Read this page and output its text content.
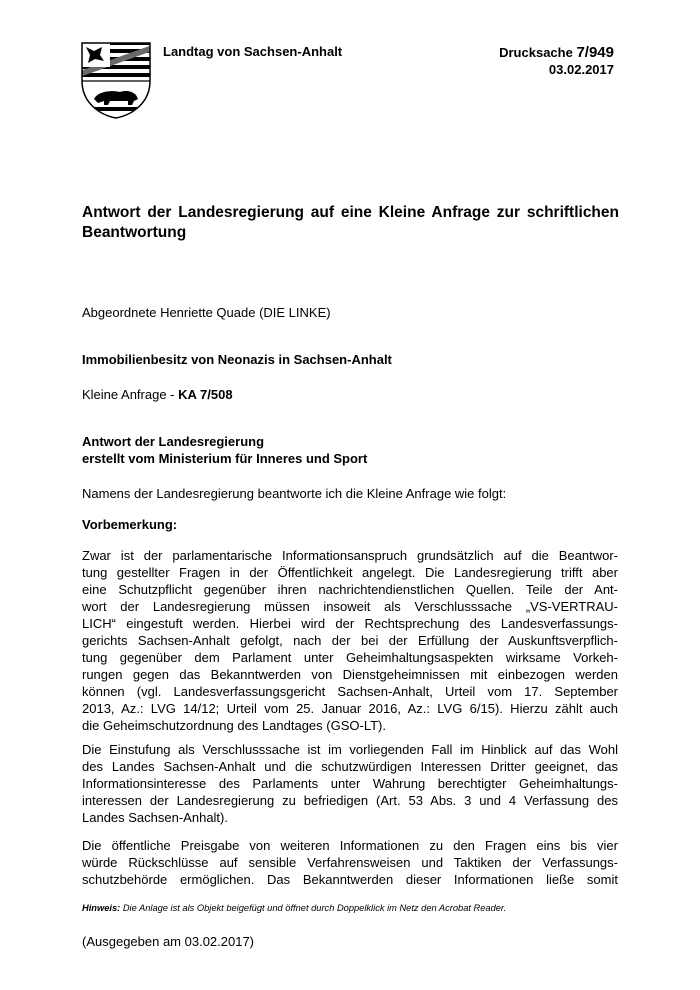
Landtag von Sachsen-Anhalt	Drucksache 7/949
03.02.2017
Antwort der Landesregierung auf eine Kleine Anfrage zur schriftlichen Beantwortung
Abgeordnete Henriette Quade (DIE LINKE)
Immobilienbesitz von Neonazis in Sachsen-Anhalt
Kleine Anfrage - KA 7/508
Antwort der Landesregierung
erstellt vom Ministerium für Inneres und Sport
Namens der Landesregierung beantworte ich die Kleine Anfrage wie folgt:
Vorbemerkung:
Zwar ist der parlamentarische Informationsanspruch grundsätzlich auf die Beantwor-
tung gestellter Fragen in der Öffentlichkeit angelegt. Die Landesregierung trifft aber
eine Schutzpflicht gegenüber ihren nachrichtendienstlichen Quellen. Teile der Ant-
wort der Landesregierung müssen insoweit als Verschlusssache „VS-VERTRAU-
LICH“ eingestuft werden. Hierbei wird der Rechtsprechung des Landesverfassungs-
gerichts Sachsen-Anhalt gefolgt, nach der bei der Erfüllung der Auskunftsverpflich-
tung gegenüber dem Parlament unter Geheimhaltungsaspekten wirksame Vorkeh-
rungen gegen das Bekanntwerden von Dienstgeheimnissen mit einbezogen werden
können (vgl. Landesverfassungsgericht Sachsen-Anhalt, Urteil vom 17. September
2013, Az.: LVG 14/12; Urteil vom 25. Januar 2016, Az.: LVG 6/15). Hierzu zählt auch
die Geheimschutzordnung des Landtages (GSO-LT).
Die Einstufung als Verschlusssache ist im vorliegenden Fall im Hinblick auf das Wohl
des Landes Sachsen-Anhalt und die schutzwürdigen Interessen Dritter geeignet, das
Informationsinteresse des Parlaments unter Wahrung berechtigter Geheimhaltungs-
interessen der Landesregierung zu befriedigen (Art. 53 Abs. 3 und 4 Verfassung des
Landes Sachsen-Anhalt).
Die öffentliche Preisgabe von weiteren Informationen zu den Fragen eins bis vier
würde Rückschlüsse auf sensible Verfahrensweisen und Taktiken der Verfassungs-
schutzbehörde ermöglichen. Das Bekanntwerden dieser Informationen ließe somit
Hinweis: Die Anlage ist als Objekt beigefügt und öffnet durch Doppelklick im Netz den Acrobat Reader.
(Ausgegeben am 03.02.2017)
